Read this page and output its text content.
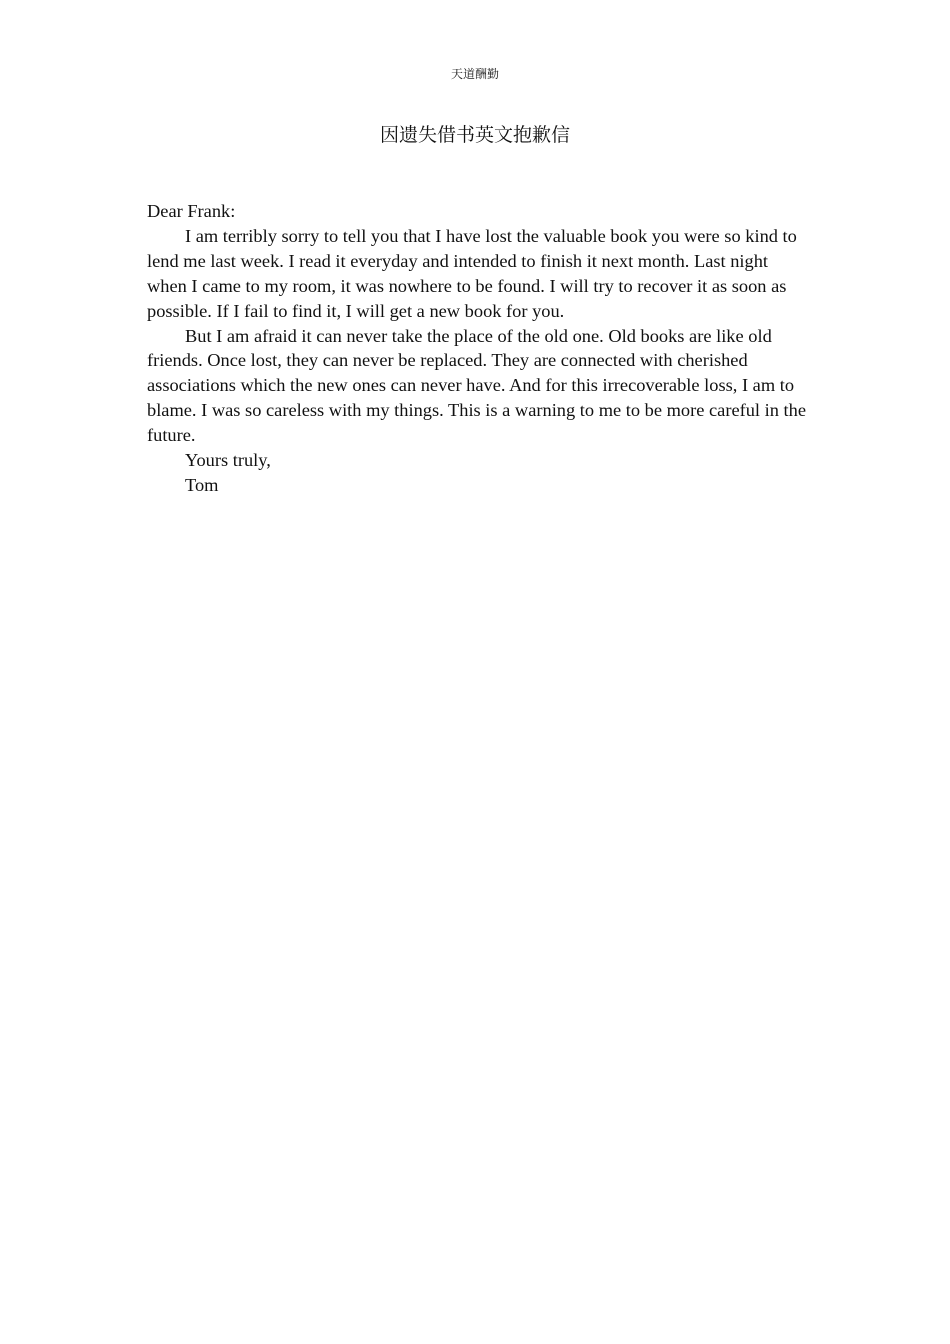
天道酬勤
因遗失借书英文抱歉信

Dear Frank:

I am terribly sorry to tell you that I have lost the valuable book you were so kind to lend me last week. I read it everyday and intended to finish it next month. Last night when I came to my room, it was nowhere to be found. I will try to recover it as soon as possible. If I fail to find it, I will get a new book for you.

But I am afraid it can never take the place of the old one. Old books are like old friends. Once lost, they can never be replaced. They are connected with cherished associations which the new ones can never have. And for this irrecoverable loss, I am to blame. I was so careless with my things. This is a warning to me to be more careful in the future.

Yours truly,

Tom
